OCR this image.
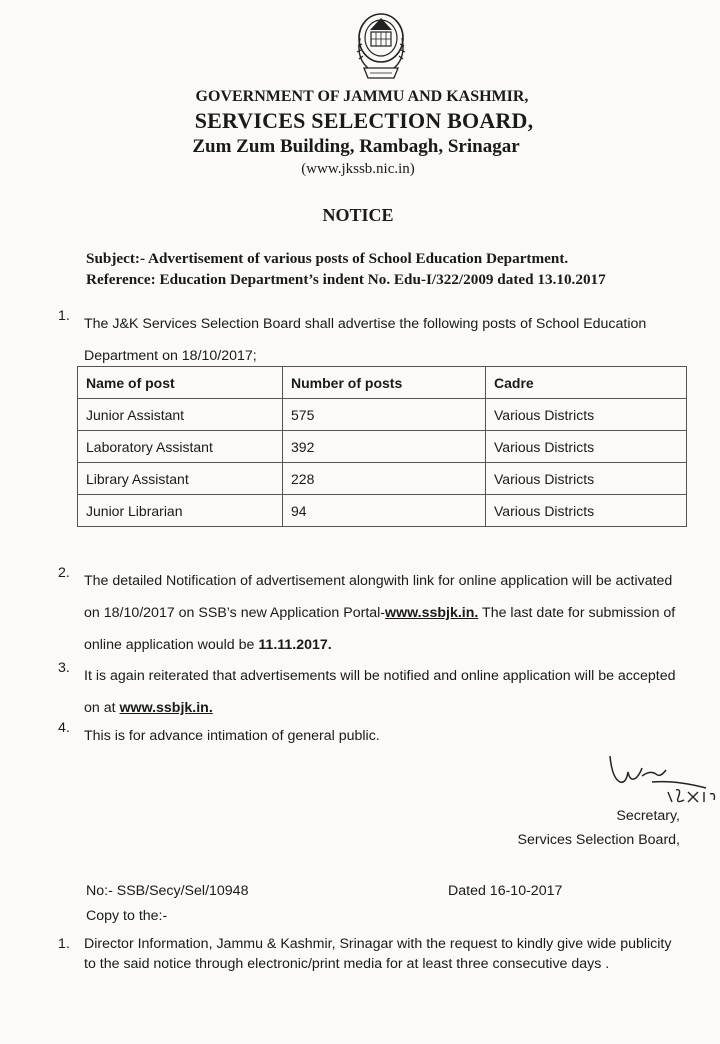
GOVERNMENT OF JAMMU AND KASHMIR,
SERVICES SELECTION BOARD,
Zum Zum Building, Rambagh, Srinagar
(www.jkssb.nic.in)
NOTICE
Subject:- Advertisement of various posts of School Education Department.
Reference: Education Department’s indent No. Edu-I/322/2009 dated 13.10.2017
1. The J&K Services Selection Board shall advertise the following posts of School Education Department on 18/10/2017;
Name of post	Number of posts	Cadre
Junior Assistant	575	Various Districts
Laboratory Assistant	392	Various Districts
Library Assistant	228	Various Districts
Junior Librarian	94	Various Districts
2. The detailed Notification of advertisement alongwith link for online application will be activated on 18/10/2017 on SSB’s new Application Portal-www.ssbjk.in. The last date for submission of online application would be 11.11.2017.
3. It is again reiterated that advertisements will be notified and online application will be accepted on at www.ssbjk.in.
4. This is for advance intimation of general public.
Secretary,
Services Selection Board,
No:- SSB/Secy/Sel/10948	Dated 16-10-2017
Copy to the:-
1. Director Information, Jammu & Kashmir, Srinagar with the request to kindly give wide publicity to the said notice through electronic/print media for at least three consecutive days .
